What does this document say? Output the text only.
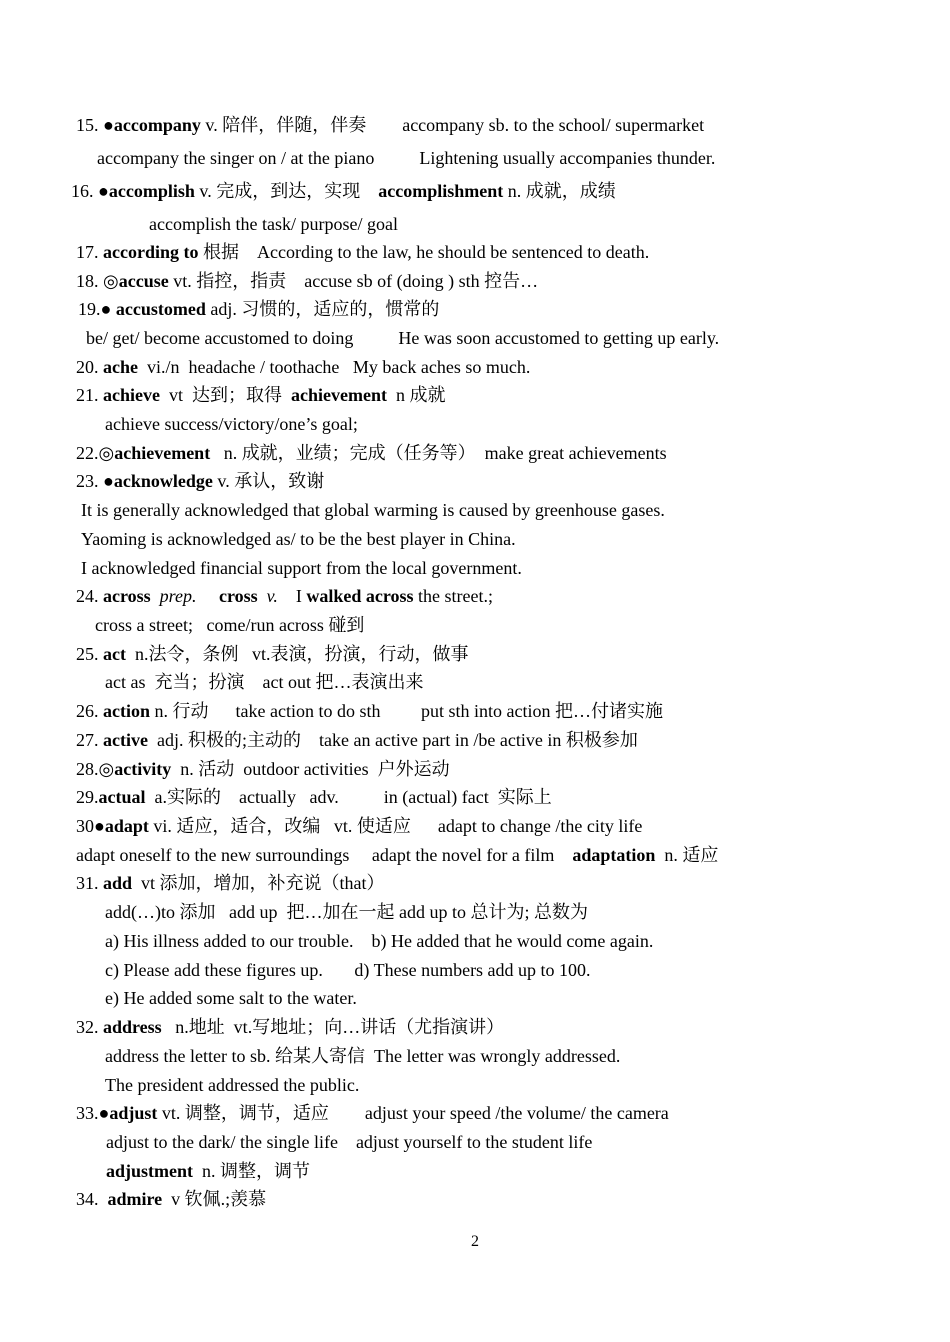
15. ●accompany v. 陪伴，伴随，伴奏        accompany sb. to the school/ supermarket
accompany the singer on / at the piano          Lightening usually accompanies thunder.
16. ●accomplish v. 完成，到达，实现    accomplishment n. 成就，成绩
accomplish the task/ purpose/ goal
17. according to 根据    According to the law, he should be sentenced to death.
18. ◎accuse vt. 指控，指责    accuse sb of (doing ) sth 控告…
19.● accustomed adj. 习惯的，适应的，惯常的
be/ get/ become accustomed to doing          He was soon accustomed to getting up early.
20. ache  vi./n  headache / toothache   My back aches so much.
21. achieve  vt  达到；取得  achievement  n 成就
achieve success/victory/one’s goal;
22.◎achievement   n. 成就，业绩；完成（任务等）  make great achievements
23. ●acknowledge v. 承认，致谢
It is generally acknowledged that global warming is caused by greenhouse gases.
Yaoming is acknowledged as/ to be the best player in China.
I acknowledged financial support from the local government.
24. across prep. cross v.    I walked across the street.;
cross a street;   come/run across 碰到
25. act  n.法令，条例   vt.表演，扮演，行动，做事
act as  充当；扮演    act out 把…表演出来
26. action n. 行动      take action to do sth         put sth into action 把…付诸实施
27. active  adj. 积极的;主动的    take an active part in /be active in 积极参加
28.◎activity  n. 活动  outdoor activities  户外运动
29.actual  a.实际的    actually   adv.          in (actual) fact  实际上
30●adapt vi. 适应，适合，改编   vt. 使适应      adapt to change /the city life
adapt oneself to the new surroundings     adapt the novel for a film    adaptation  n. 适应
31. add  vt 添加，增加，补充说（that）
add(…)to 添加   add up  把…加在一起 add up to 总计为; 总数为
a) His illness added to our trouble.    b) He added that he would come again.
c) Please add these figures up.       d) These numbers add up to 100.
e) He added some salt to the water.
32. address   n.地址  vt.写地址；向…讲话（尤指演讲）
address the letter to sb. 给某人寄信  The letter was wrongly addressed.
The president addressed the public.
33.●adjust vt. 调整，调节，适应        adjust your speed /the volume/ the camera
adjust to the dark/ the single life    adjust yourself to the student life
adjustment  n. 调整，调节
34.  admire  v 钦佩.;羡慕
2
